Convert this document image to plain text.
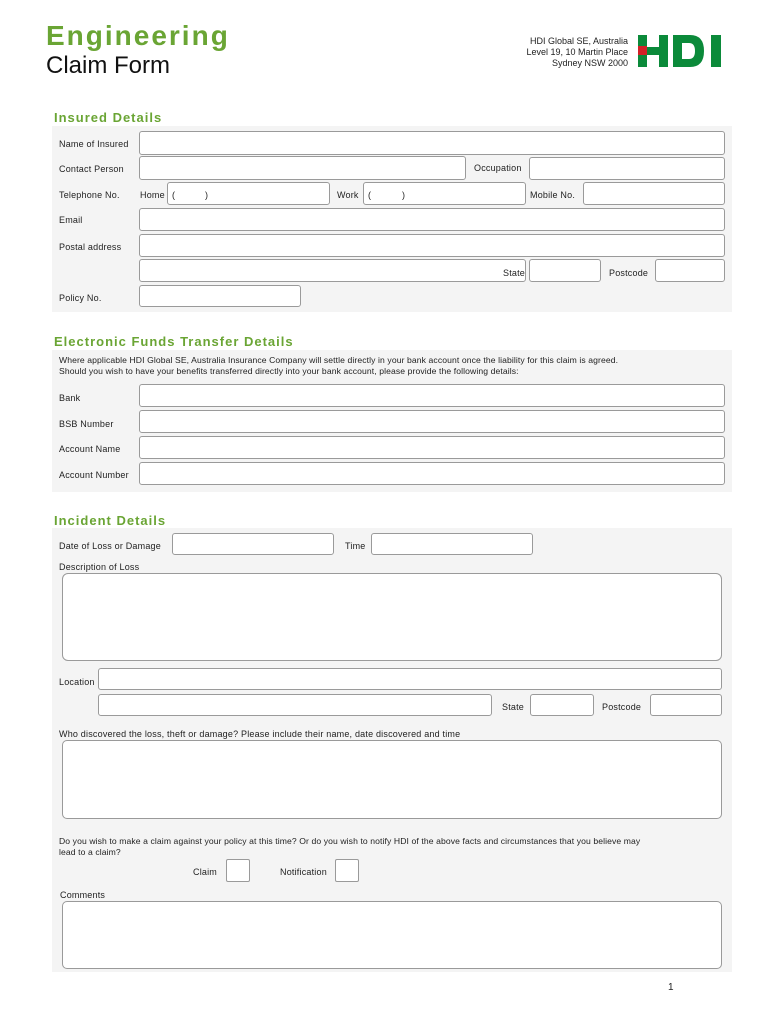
Engineering
Claim Form
HDI Global SE, Australia
Level 19, 10 Martin Place
Sydney NSW 2000
Insured Details
Name of Insured
Contact Person	Occupation
Telephone No. Home (	)	Work (	)	Mobile No.
Email
Postal address
State	Postcode
Policy No.
Electronic Funds Transfer Details
Where applicable HDI Global SE, Australia Insurance Company will settle directly in your bank account once the liability for this claim is agreed.
Should you wish to have your benefits transferred directly into your bank account, please provide the following details:
Bank
BSB Number
Account Name
Account Number
Incident Details
Date of Loss or Damage	Time
Description of Loss
Location
State	Postcode
Who discovered the loss, theft or damage? Please include their name, date discovered and time
Do you wish to make a claim against your policy at this time? Or do you wish to notify HDI of the above facts and circumstances that you believe may
lead to a claim?
Claim	Notification
Comments
1
